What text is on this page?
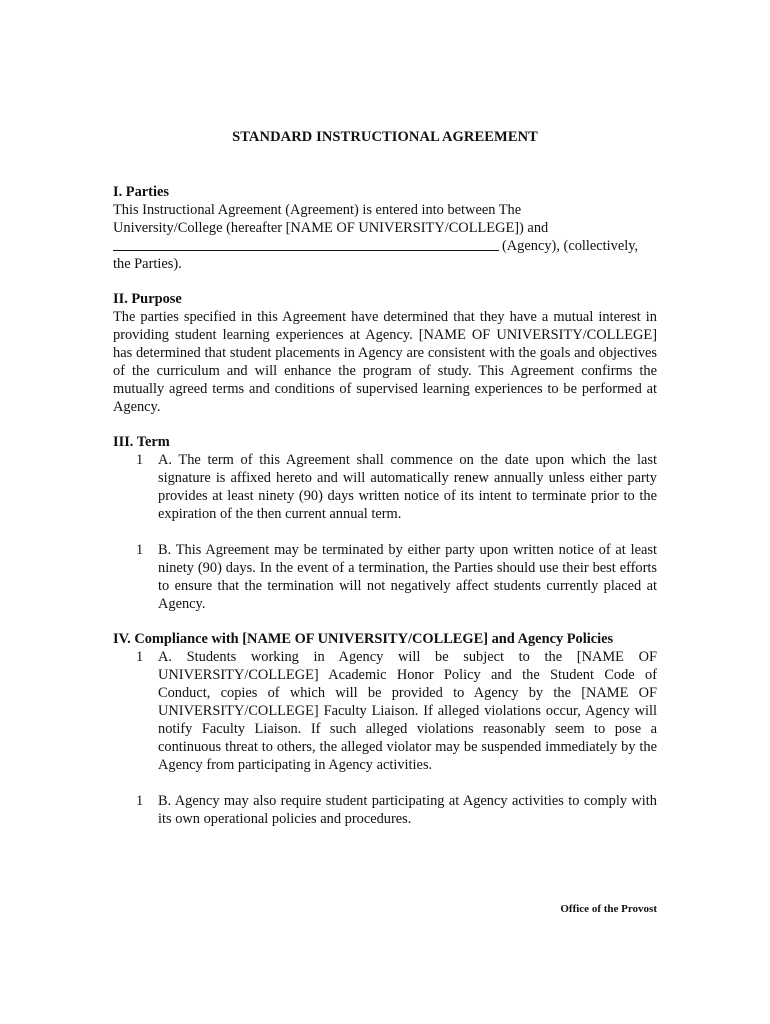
STANDARD INSTRUCTIONAL AGREEMENT

I. Parties

This Instructional Agreement (Agreement) is entered into between The

University/College (hereafter [NAME OF UNIVERSITY/COLLEGE]) and

(Agency), (collectively,

the Parties).

II. Purpose

The parties specified in this Agreement have determined that they have a mutual interest in providing student learning experiences at Agency. [NAME OF UNIVERSITY/COLLEGE] has determined that student placements in Agency are consistent with the goals and objectives of the curriculum and will enhance the program of study. This Agreement confirms the mutually agreed terms and conditions of supervised learning experiences to be performed at Agency.

III. Term

1	A. The term of this Agreement shall commence on the date upon which the last signature is affixed hereto and will automatically renew annually unless either party provides at least ninety (90) days written notice of its intent to terminate prior to the expiration of the then current annual term.

1	B. This Agreement may be terminated by either party upon written notice of at least ninety (90) days. In the event of a termination, the Parties should use their best efforts to ensure that the termination will not negatively affect students currently placed at Agency.

IV. Compliance with [NAME OF UNIVERSITY/COLLEGE] and Agency Policies

1	A. Students working in Agency will be subject to the [NAME OF UNIVERSITY/COLLEGE] Academic Honor Policy and the Student Code of Conduct, copies of which will be provided to Agency by the [NAME OF UNIVERSITY/COLLEGE] Faculty Liaison. If alleged violations occur, Agency will notify Faculty Liaison. If such alleged violations reasonably seem to pose a continuous threat to others, the alleged violator may be suspended immediately by the Agency from participating in Agency activities.

1	B. Agency may also require student participating at Agency activities to comply with its own operational policies and procedures.

Office of the Provost
